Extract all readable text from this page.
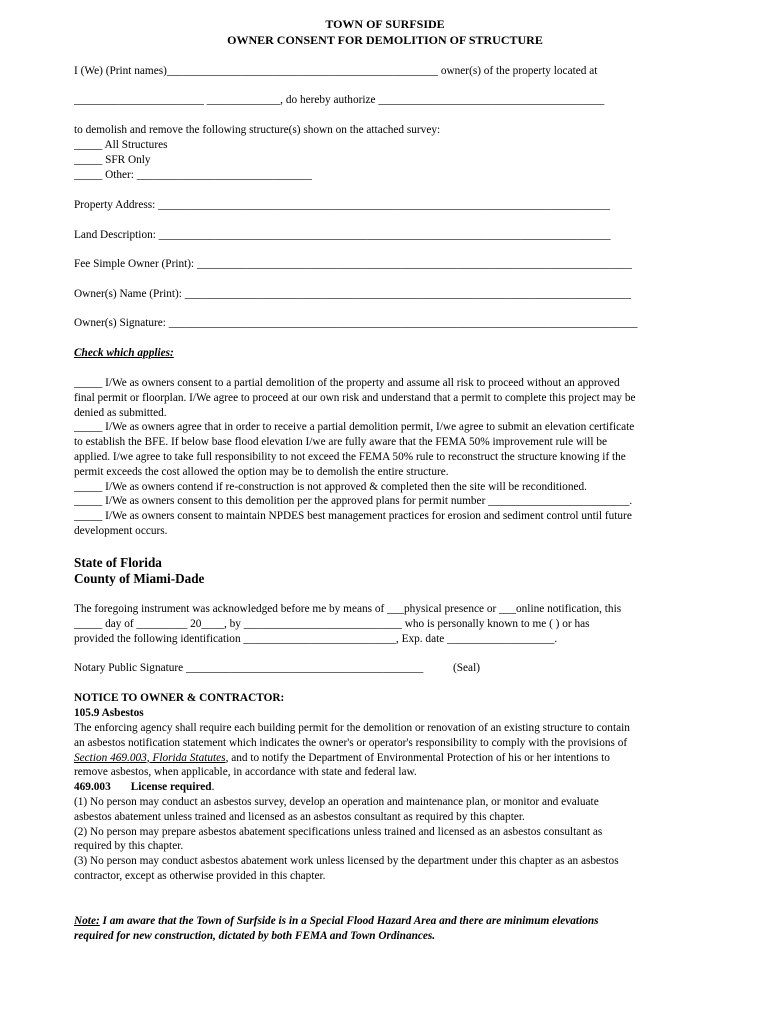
TOWN OF SURFSIDE
OWNER CONSENT FOR DEMOLITION OF STRUCTURE
I (We) (Print names)________________________________________________ owner(s) of the property located at
_______________________ _____________, do hereby authorize ________________________________________
to demolish and remove the following structure(s) shown on the attached survey:
_____ All Structures
_____ SFR Only
_____ Other: _______________________________
Property Address: ________________________________________________________________________________
Land Description: ________________________________________________________________________________
Fee Simple Owner (Print): _____________________________________________________________________________
Owner(s) Name (Print): _______________________________________________________________________________
Owner(s) Signature: ___________________________________________________________________________________
Check which applies:
_____ I/We as owners consent to a partial demolition of the property and assume all risk to proceed without an approved
final permit or floorplan. I/We agree to proceed at our own risk and understand that a permit to complete this project may be
denied as submitted.
_____ I/We as owners agree that in order to receive a partial demolition permit, I/we agree to submit an elevation certificate
to establish the BFE. If below base flood elevation I/we are fully aware that the FEMA 50% improvement rule will be
applied. I/we agree to take full responsibility to not exceed the FEMA 50% rule to reconstruct the structure knowing if the
permit exceeds the cost allowed the option may be to demolish the entire structure.
_____ I/We as owners contend if re-construction is not approved & completed then the site will be reconditioned.
_____ I/We as owners consent to this demolition per the approved plans for permit number _________________________.
_____ I/We as owners consent to maintain NPDES best management practices for erosion and sediment control until future
development occurs.
State of Florida
County of Miami-Dade
The foregoing instrument was acknowledged before me by means of ___physical presence or ___online notification, this
_____ day of _________ 20____, by ____________________________ who is personally known to me ( ) or has
provided the following identification ___________________________, Exp. date ___________________.
Notary Public Signature __________________________________________	(Seal)
NOTICE TO OWNER & CONTRACTOR:
105.9 Asbestos
The enforcing agency shall require each building permit for the demolition or renovation of an existing structure to contain
an asbestos notification statement which indicates the owner's or operator's responsibility to comply with the provisions of
Section 469.003, Florida Statutes, and to notify the Department of Environmental Protection of his or her intentions to
remove asbestos, when applicable, in accordance with state and federal law.
469.003 License required.
(1) No person may conduct an asbestos survey, develop an operation and maintenance plan, or monitor and evaluate
asbestos abatement unless trained and licensed as an asbestos consultant as required by this chapter.
(2) No person may prepare asbestos abatement specifications unless trained and licensed as an asbestos consultant as
required by this chapter.
(3) No person may conduct asbestos abatement work unless licensed by the department under this chapter as an asbestos
contractor, except as otherwise provided in this chapter.
Note: I am aware that the Town of Surfside is in a Special Flood Hazard Area and there are minimum elevations
required for new construction, dictated by both FEMA and Town Ordinances.
